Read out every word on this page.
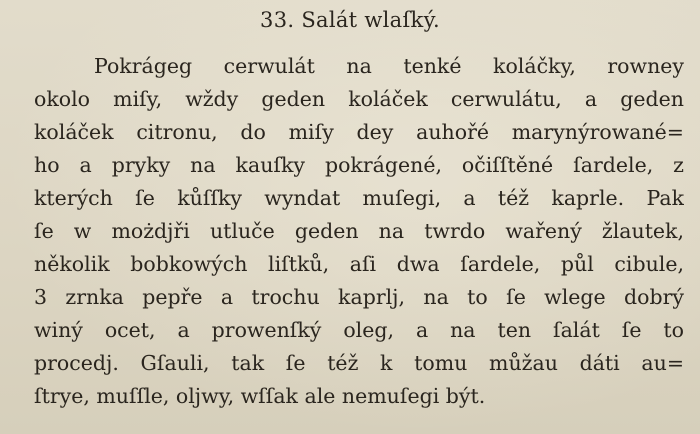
33. Salát wlaſký.
Pokrágeg cerwulát na tenké koláčky, rowney
okolo miſy, wždy geden koláček cerwulátu, a geden
koláček citronu, do miſy dey auhořé marynýrowané=
ho a pryky na kauſky pokrágené, očiſſtěné ſardele, z
kterých ſe kůſſky wyndat muſegi, a též kaprle. Pak
ſe w możdjři utluče geden na twrdo wařený žlautek,
několik bobkowých liſtků, aſi dwa ſardele, půl cibule,
3 zrnka pepře a trochu kaprlj, na to ſe wlege dobrý
winý ocet, a prowenſký oleg, a na ten ſalát ſe to
procedj. Gſauli, tak ſe též k tomu můžau dáti au=
ſtrye, muſſle, oljwy, wſſak ale nemuſegi být.
